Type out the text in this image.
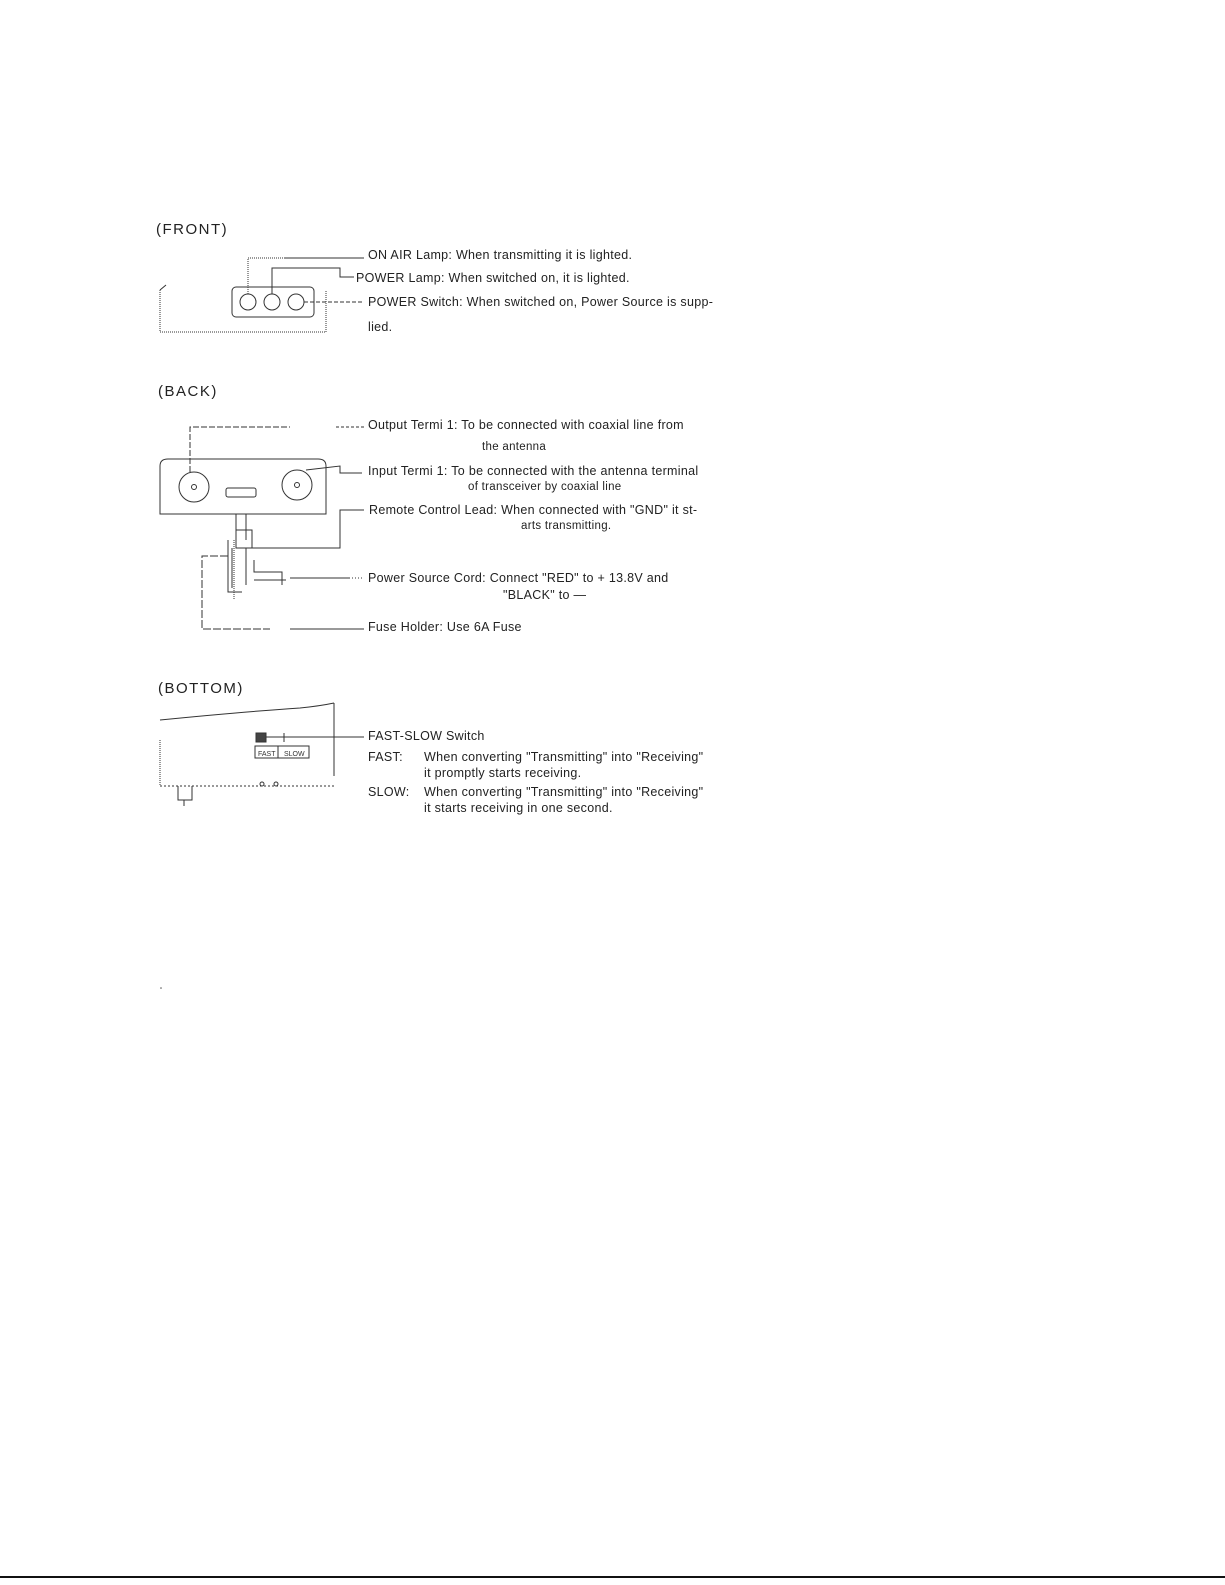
FAST SLOW
(FRONT)
ON AIR Lamp: When transmitting it is lighted.
POWER Lamp: When switched on, it is lighted.
POWER Switch: When switched on, Power Source is supp-
lied.
(BACK)
Output Termi 1: To be connected with coaxial line from
the antenna
Input Termi 1: To be connected with the antenna terminal
of transceiver by coaxial line
Remote Control Lead: When connected with "GND" it st-
arts transmitting.
Power Source Cord: Connect "RED" to + 13.8V and
"BLACK" to —
Fuse Holder: Use 6A Fuse
(BOTTOM)
FAST-SLOW Switch
FAST: When converting "Transmitting" into "Receiving"
it promptly starts receiving.
SLOW: When converting "Transmitting" into "Receiving"
it starts receiving in one second.
